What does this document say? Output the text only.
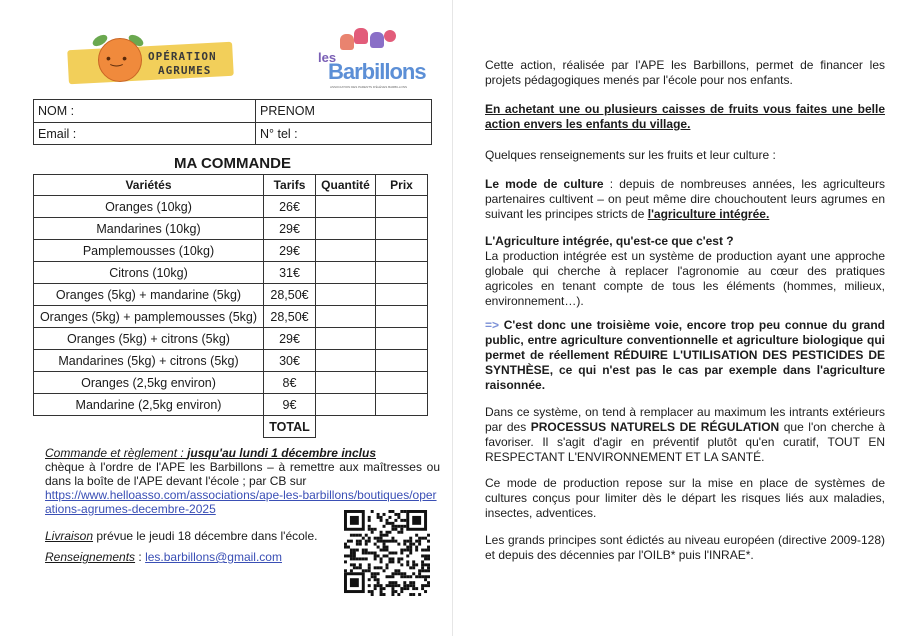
•‿• OPÉRATION
AGRUMES
les
Barbillons
ASSOCIATION DES PARENTS D'ÉLÈVES BARBILLONS
NOM :	PRENOM
Email :	N° tel :
MA COMMANDE
Variétés	Tarifs	Quantité	Prix
Oranges (10kg)	26€		
Mandarines (10kg)	29€		
Pamplemousses (10kg)	29€		
Citrons (10kg)	31€		
Oranges (5kg) + mandarine (5kg)	28,50€		
Oranges (5kg) + pamplemousses (5kg)	28,50€		
Oranges (5kg) + citrons (5kg)	29€		
Mandarines (5kg) + citrons (5kg)	30€		
Oranges (2,5kg environ)	8€		
Mandarine (2,5kg environ)	9€		
	TOTAL		
Commande et règlement : jusqu'au lundi 1 décembre inclus
chèque à l'ordre de l'APE les Barbillons – à remettre aux maîtresses ou dans la boîte de l'APE devant l'école ; par CB sur
https://www.helloasso.com/associations/ape-les-barbillons/boutiques/operations-agrumes-decembre-2025
Livraison prévue le jeudi 18 décembre dans l'école.
Renseignements : les.barbillons@gmail.com

Cette action, réalisée par l'APE les Barbillons, permet de financer les projets pédagogiques menés par l'école pour nos enfants.

En achetant une ou plusieurs caisses de fruits vous faites une belle action envers les enfants du village.

Quelques renseignements sur les fruits et leur culture :

Le mode de culture : depuis de nombreuses années, les agriculteurs partenaires cultivent – on peut même dire chouchoutent leurs agrumes en suivant les principes stricts de l'agriculture intégrée.

L'Agriculture intégrée, qu'est-ce que c'est ?

La production intégrée est un système de production ayant une approche globale qui cherche à replacer l'agronomie au cœur des pratiques agricoles en tenant compte de tous les éléments (hommes, milieux, environnement…).

=> C'est donc une troisième voie, encore trop peu connue du grand public, entre agriculture conventionnelle et agriculture biologique qui permet de réellement RÉDUIRE L'UTILISATION DES PESTICIDES DE SYNTHÈSE, ce qui n'est pas le cas par exemple dans l'agriculture raisonnée.

Dans ce système, on tend à remplacer au maximum les intrants extérieurs par des PROCESSUS NATURELS DE RÉGULATION que l'on cherche à favoriser. Il s'agit d'agir en préventif plutôt qu'en curatif, TOUT EN RESPECTANT L'ENVIRONNEMENT ET LA SANTÉ.

Ce mode de production repose sur la mise en place de systèmes de cultures conçus pour limiter dès le départ les risques liés aux maladies, insectes, adventices.

Les grands principes sont édictés au niveau européen (directive 2009-128) et depuis des décennies par l'OILB* puis l'INRAE*.
